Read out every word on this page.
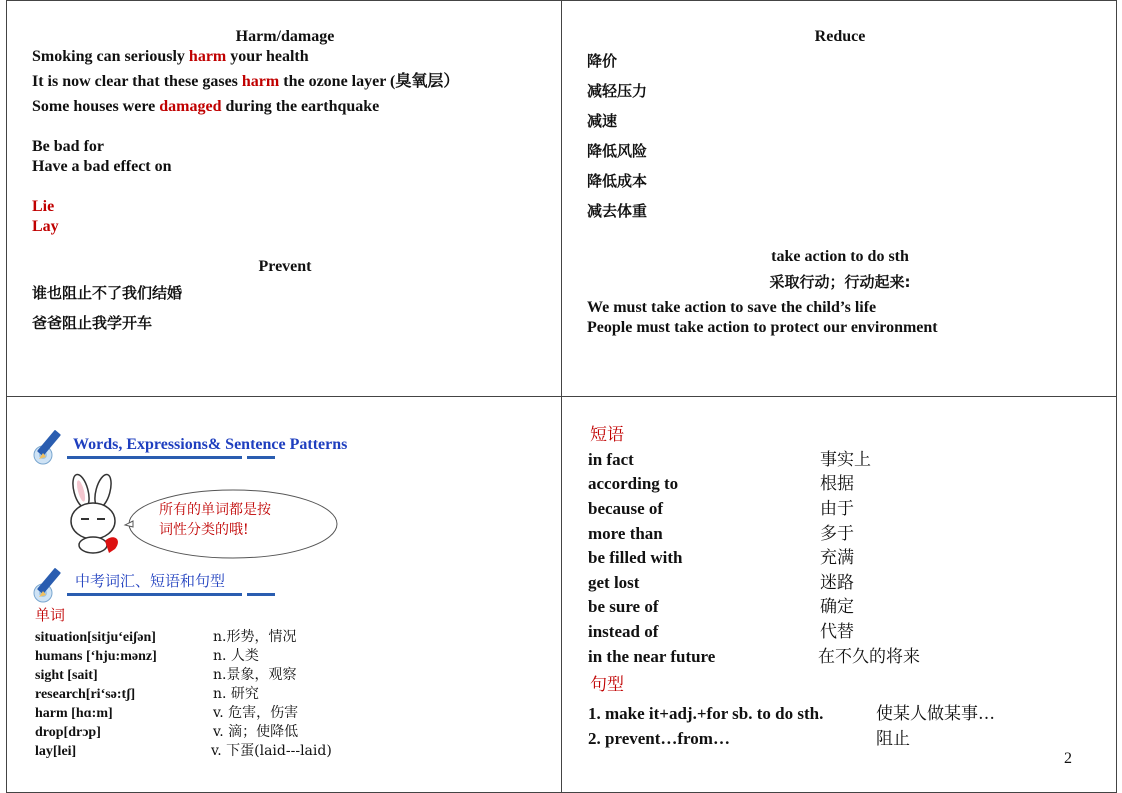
Harm/damage
Smoking can seriously harm your health
It is now clear that these gases harm the ozone layer (臭氧层）
Some houses were damaged during the earthquake
Be bad for
Have a bad effect on
Lie
Lay
Prevent
谁也阻止不了我们结婚
爸爸阻止我学开车
Reduce
降价
减轻压力
减速
降低风险
降低成本
减去体重
take action to do sth
采取行动；行动起来:
We must take action to save the child’s life
People must take action to protect our environment
Words, Expressions& Sentence Patterns
所有的单词都是按
词性分类的哦!
中考词汇、短语和句型
单词
situation[sitju‘eiʃən]	n.形势，情况
humans [‘hju:mənz]	n. 人类
sight [sait]	n.景象，观察
research[ri‘sə:tʃ]	n. 研究
harm [hɑ:m]	v. 危害，伤害
drop[drɔp]	v. 滴；使降低
lay[lei]	v. 下蛋(laid---laid)
短语
in fact	事实上
according to	根据
because of	由于
more than	多于
be filled with	充满
get lost	迷路
be sure of	确定
instead of	代替
in the near future	在不久的将来
句型
1. make it+adj.+for sb. to do sth.	使某人做某事…
2. prevent…from…	阻止
2
